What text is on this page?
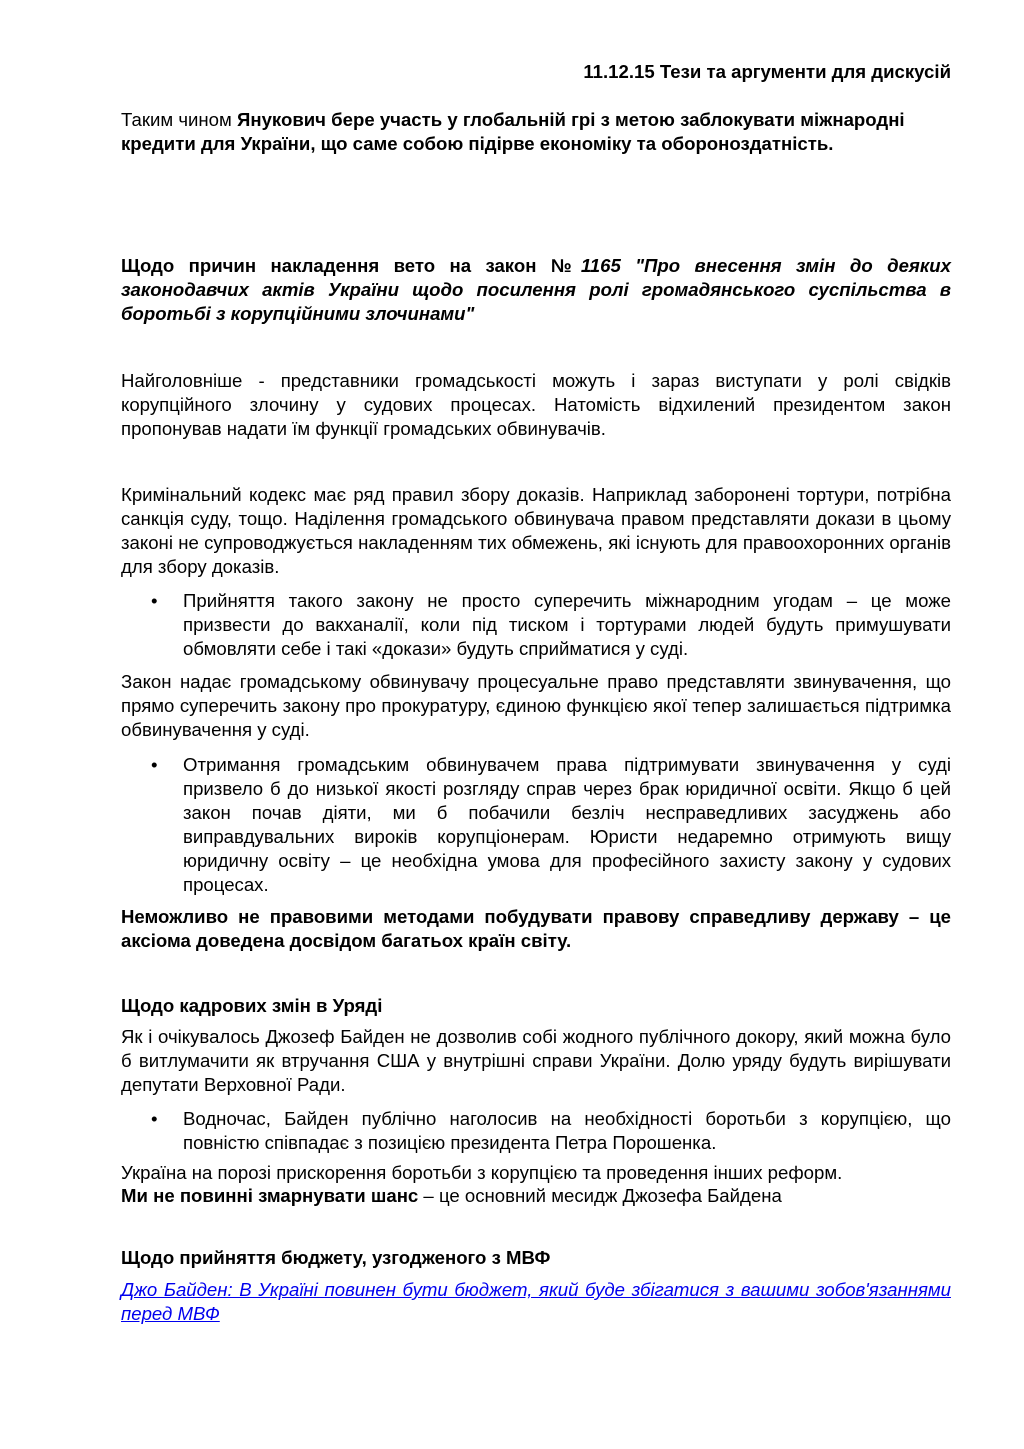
11.12.15 Тези та аргументи для дискусій
Таким чином Янукович бере участь у глобальній грі з метою заблокувати міжнародні кредити для України, що саме собою підірве економіку та обороноздатність.
Щодо причин накладення вето на закон №1165 "Про внесення змін до деяких законодавчих актів України щодо посилення ролі громадянського суспільства в боротьбі з корупційними злочинами"
Найголовніше - представники громадськості можуть і зараз виступати у ролі свідків корупційного злочину у судових процесах. Натомість відхилений президентом закон пропонував надати їм функції громадських обвинувачів.
Кримінальний кодекс має ряд правил збору доказів. Наприклад заборонені тортури, потрібна санкція суду, тощо. Наділення громадського обвинувача правом представляти докази в цьому законі не супроводжується накладенням тих обмежень, які існують для правоохоронних органів для збору доказів.
• Прийняття такого закону не просто суперечить міжнародним угодам – це може призвести до вакханалії, коли під тиском і тортурами людей будуть примушувати обмовляти себе і такі «докази» будуть сприйматися у суді.
Закон надає громадському обвинувачу процесуальне право представляти звинувачення, що прямо суперечить закону про прокуратуру, єдиною функцією якої тепер залишається підтримка обвинувачення у суді.
• Отримання громадським обвинувачем права підтримувати звинувачення у суді призвело б до низької якості розгляду справ через брак юридичної освіти. Якщо б цей закон почав діяти, ми б побачили безліч несправедливих засуджень або виправдувальних вироків корупціонерам. Юристи недаремно отримують вищу юридичну освіту – це необхідна умова для професійного захисту закону у судових процесах.
Неможливо не правовими методами побудувати правову справедливу державу – це аксіома доведена досвідом багатьох країн світу.
Щодо кадрових змін в Уряді
Як і очікувалось Джозеф Байден не дозволив собі жодного публічного докору, який можна було б витлумачити як втручання США у внутрішні справи України. Долю уряду будуть вирішувати депутати Верховної Ради.
• Водночас, Байден публічно наголосив на необхідності боротьби з корупцією, що повністю співпадає з позицією президента Петра Порошенка.
Україна на порозі прискорення боротьби з корупцією та проведення інших реформ.
Ми не повинні змарнувати шанс – це основний месидж Джозефа Байдена
Щодо прийняття бюджету, узгодженого з МВФ
Джо Байден: В Україні повинен бути бюджет, який буде збігатися з вашими зобов'язаннями перед МВФ
